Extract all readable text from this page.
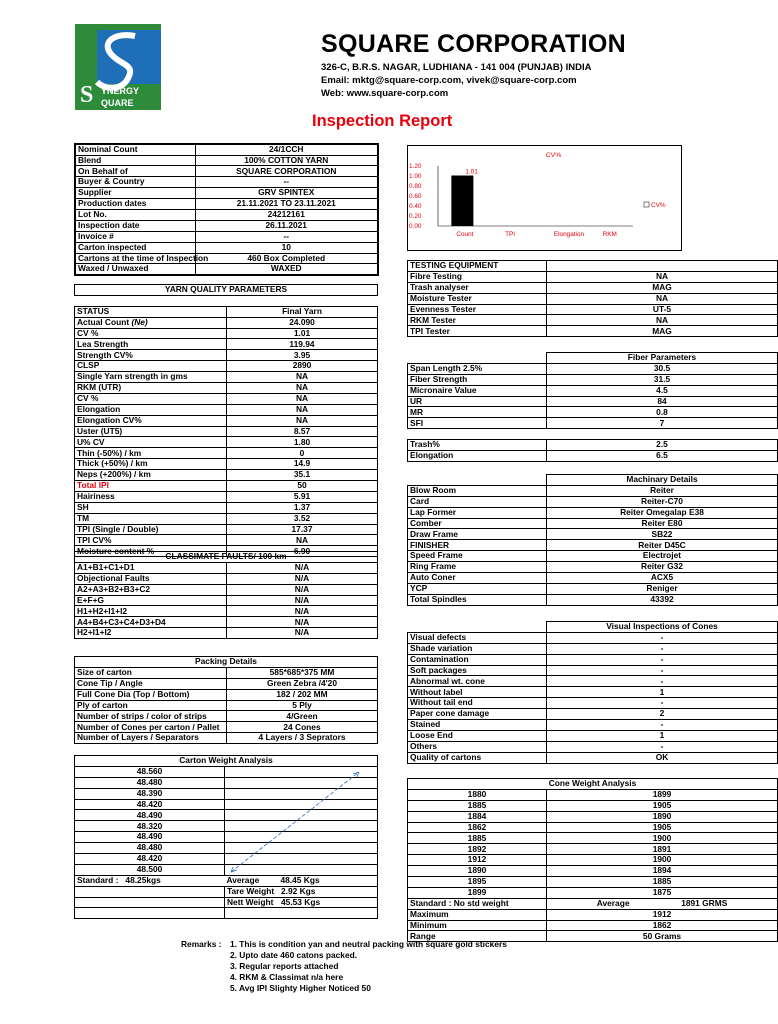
YNERGY
QUARE
S
SQUARE CORPORATION
326-C, B.R.S. NAGAR, LUDHIANA - 141 004 (PUNJAB) INDIA
Email: mktg@square-corp.com, vivek@square-corp.com
Web: www.square-corp.com
Inspection Report
Nominal Count	24/1CCH
Blend	100% COTTON YARN
On Behalf of	SQUARE CORPORATION
Buyer & Country	--
Supplier	GRV SPINTEX
Production dates	21.11.2021 TO 23.11.2021
Lot No.	24212161
Inspection date	26.11.2021
Invoice #	--
Carton inspected	10
Cartons at the time of Inspection	460 Box Completed
Waxed / Unwaxed	WAXED
CV%
1.20
1.00
0.80
0.60
0.40
0.20
0.00
1.01
Count	TPI	Elongation	RKM
CV%
TESTING EQUIPMENT	
Fibre Testing	NA
Trash analyser	MAG
Moisture Tester	NA
Evenness Tester	UT-5
RKM Tester	NA
TPI Tester	MAG
YARN QUALITY PARAMETERS	

STATUS	Final Yarn
Actual Count (Ne)	24.090
CV %	1.01
Lea Strength	119.94
Strength CV%	3.95
CLSP	2890
Single Yarn strength in gms	NA
RKM (UTR)	NA
CV %	NA
Elongation	NA
Elongation CV%	NA
Uster (UT5)	8.57
U% CV	1.80
Thin (-50%) / km	0
Thick (+50%) / km	14.9
Neps (+200%) / km	35.1
Total IPI	50
Hairiness	5.91
SH	1.37
TM	3.52
TPI (Single / Double)	17.37
TPI CV%	NA
Moisture content %	6.90
	Fiber Parameters
Span Length 2.5%	30.5
Fiber Strength	31.5
Micronaire Value	4.5
UR	84
MR	0.8
SFI	7

Trash%	2.5
Elongation	6.5
	Machinary Details
Blow Room	Reiter
Card	Reiter-C70
Lap Former	Reiter Omegalap E38
Comber	Reiter E80
Draw Frame	SB22
FINISHER	Reiter D45C
Speed Frame	Electrojet
Ring Frame	Reiter G32
Auto Coner	ACX5
YCP	Reniger
Total Spindles	43392
CLASSIMATE FAULTS/ 100 km	
A1+B1+C1+D1	N/A
Objectional Faults	N/A
A2+A3+B2+B3+C2	N/A
E+F+G	N/A
H1+H2+I1+I2	N/A
A4+B4+C3+C4+D3+D4	N/A
H2+I1+I2	N/A
	Visual Inspections of Cones
Visual defects	-
Shade variation	-
Contamination	-
Soft packages	-
Abnormal wt. cone	-
Without label	1
Without tail end	-
Paper cone damage	2
Stained	-
Loose End	1
Others	-
Quality of cartons	OK
Packing Details	
Size of carton	585*685*375 MM
Cone Tip / Angle	Green Zebra /4'20
Full Cone Dia (Top / Bottom)	182 / 202 MM
Ply of carton	5 Ply
Number of strips / color of strips	4/Green
Number of Cones per carton / Pallet	24 Cones
Number of Layers / Separators	4 Layers / 3 Seprators
Carton Weight Analysis	
48.560	
48.480	
48.390	
48.420	
48.490	
48.320	
48.490	
48.480	
48.420	
48.500	
Standard : 48.25kgs	Average 48.45 Kgs
	Tare Weight 2.92 Kgs
	Nett Weight 45.53 Kgs

Cone Weight Analysis		
1880	1899	
1885	1905	
1884	1890	
1862	1905	
1885	1900	
1892	1891	
1912	1900	
1890	1894	
1895	1885	
1899	1875	
Standard : No std weight	Average	1891 GRMS
Maximum	1912	
Minimum	1862	
Range	50 Grams	
Remarks : 1. This is condition yan and neutral packing with square gold stickers
2. Upto date 460 catons packed.
3. Regular reports attached
4. RKM & Classimat n/a here
5. Avg IPI Slighty Higher Noticed 50
